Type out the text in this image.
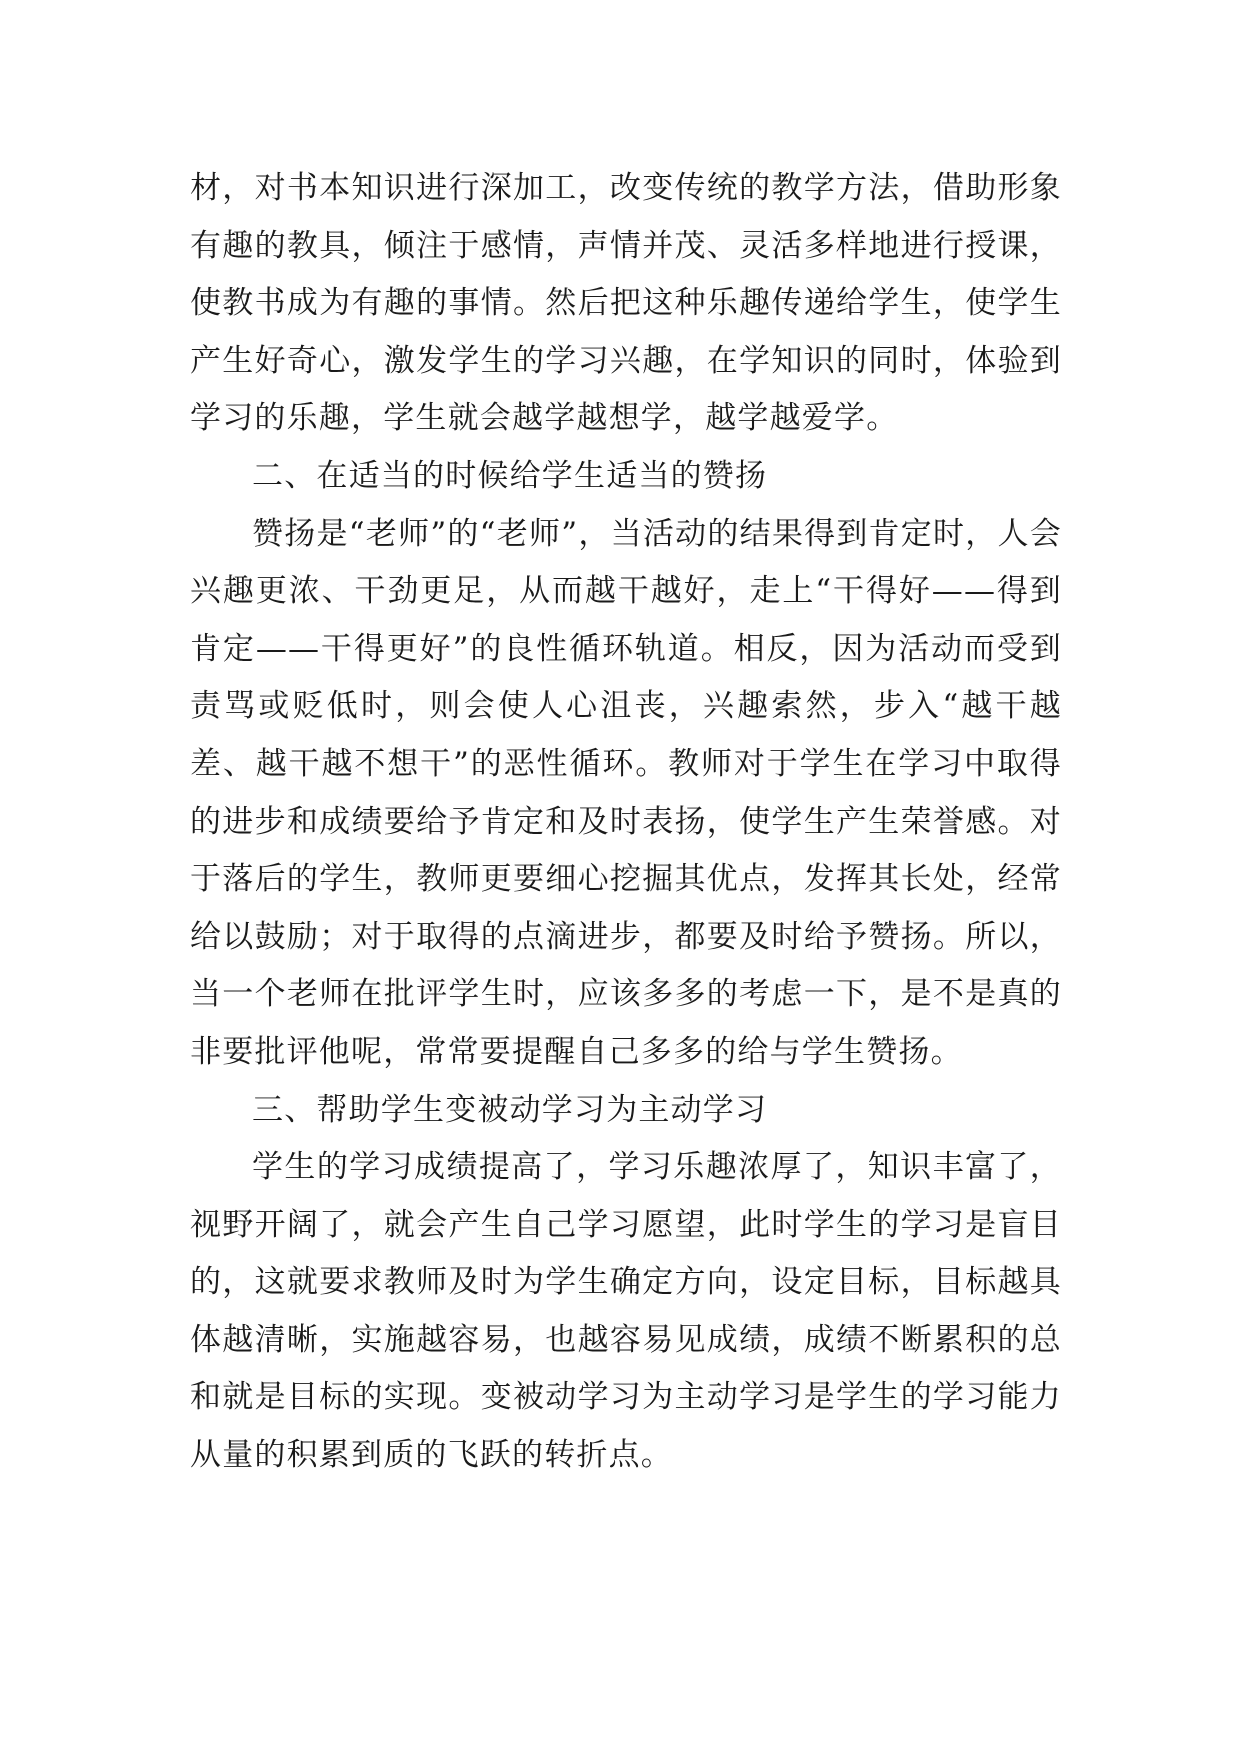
材，对书本知识进行深加工，改变传统的教学方法，借助形象有趣的教具，倾注于感情，声情并茂、灵活多样地进行授课，使教书成为有趣的事情。然后把这种乐趣传递给学生，使学生产生好奇心，激发学生的学习兴趣，在学知识的同时，体验到学习的乐趣，学生就会越学越想学，越学越爱学。

二、在适当的时候给学生适当的赞扬

赞扬是“老师”的“老师”，当活动的结果得到肯定时，人会兴趣更浓、干劲更足，从而越干越好，走上“干得好——得到肯定——干得更好”的良性循环轨道。相反，因为活动而受到责骂或贬低时，则会使人心沮丧，兴趣索然，步入“越干越差、越干越不想干”的恶性循环。教师对于学生在学习中取得的进步和成绩要给予肯定和及时表扬，使学生产生荣誉感。对于落后的学生，教师更要细心挖掘其优点，发挥其长处，经常给以鼓励；对于取得的点滴进步，都要及时给予赞扬。所以，当一个老师在批评学生时，应该多多的考虑一下，是不是真的非要批评他呢，常常要提醒自己多多的给与学生赞扬。

三、帮助学生变被动学习为主动学习

学生的学习成绩提高了，学习乐趣浓厚了，知识丰富了，视野开阔了，就会产生自己学习愿望，此时学生的学习是盲目的，这就要求教师及时为学生确定方向，设定目标，目标越具体越清晰，实施越容易，也越容易见成绩，成绩不断累积的总和就是目标的实现。变被动学习为主动学习是学生的学习能力从量的积累到质的飞跃的转折点。
